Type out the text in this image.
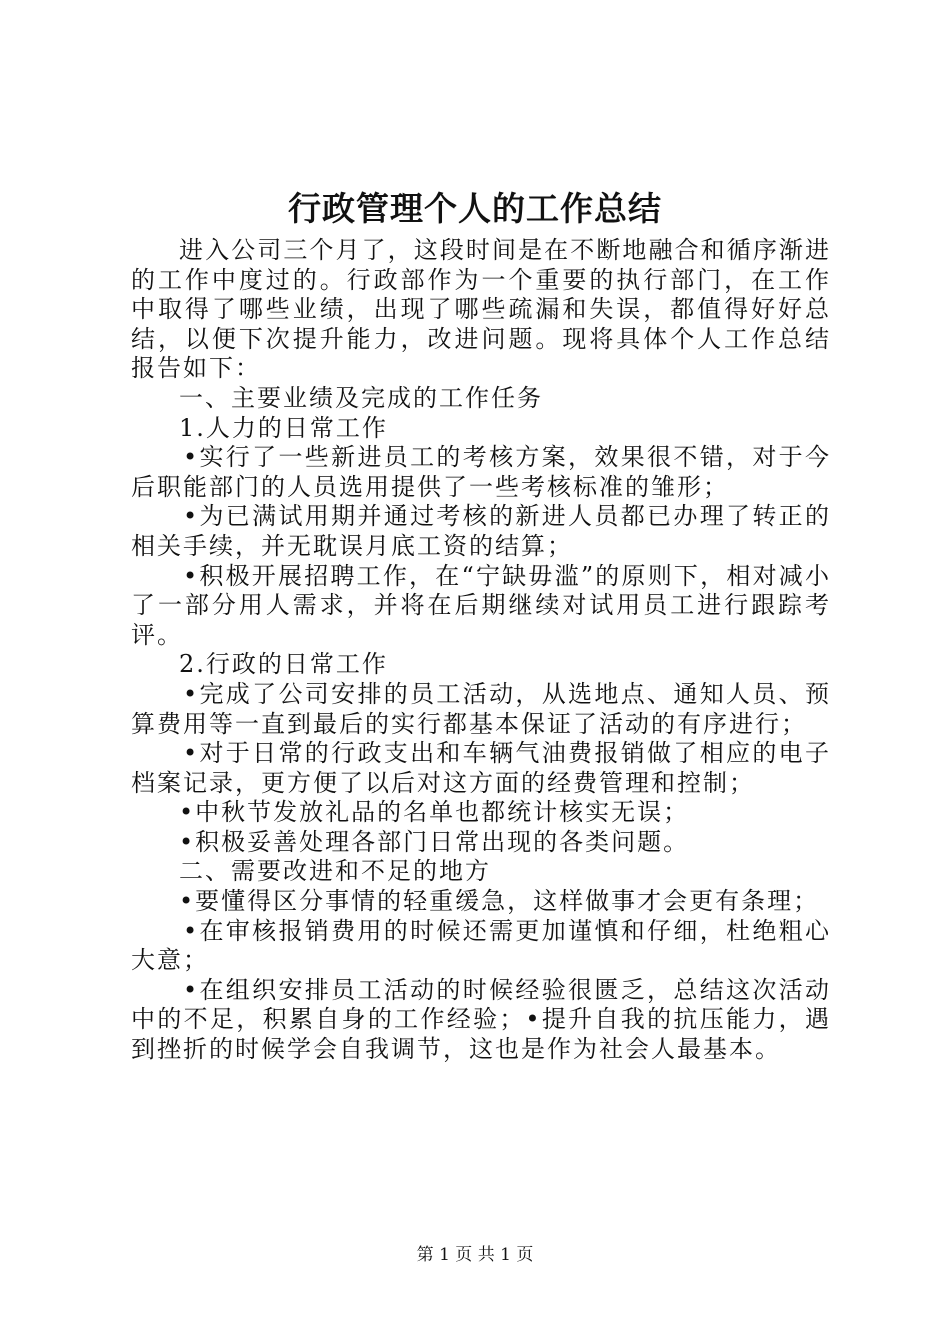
行政管理个人的工作总结

进入公司三个月了，这段时间是在不断地融合和循序渐进的工作中度过的。行政部作为一个重要的执行部门，在工作中取得了哪些业绩，出现了哪些疏漏和失误，都值得好好总结，以便下次提升能力，改进问题。现将具体个人工作总结报告如下：

一、主要业绩及完成的工作任务

1.人力的日常工作

•实行了一些新进员工的考核方案，效果很不错，对于今后职能部门的人员选用提供了一些考核标准的雏形；

•为已满试用期并通过考核的新进人员都已办理了转正的相关手续，并无耽误月底工资的结算；

•积极开展招聘工作，在“宁缺毋滥”的原则下，相对减小了一部分用人需求，并将在后期继续对试用员工进行跟踪考评。

2.行政的日常工作

•完成了公司安排的员工活动，从选地点、通知人员、预算费用等一直到最后的实行都基本保证了活动的有序进行；

•对于日常的行政支出和车辆气油费报销做了相应的电子档案记录，更方便了以后对这方面的经费管理和控制；

•中秋节发放礼品的名单也都统计核实无误；

•积极妥善处理各部门日常出现的各类问题。

二、需要改进和不足的地方

•要懂得区分事情的轻重缓急，这样做事才会更有条理；

•在审核报销费用的时候还需更加谨慎和仔细，杜绝粗心大意；

•在组织安排员工活动的时候经验很匮乏，总结这次活动中的不足，积累自身的工作经验；•提升自我的抗压能力，遇到挫折的时候学会自我调节，这也是作为社会人最基本。

第 1 页 共 1 页
